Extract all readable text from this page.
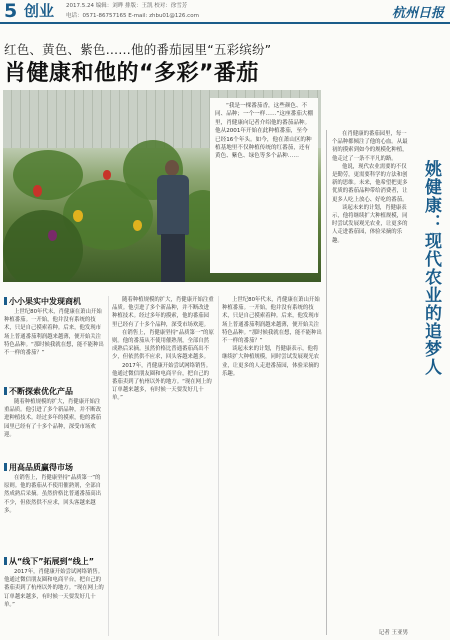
5 创业 2017.5.24 编辑：刘晔 排版：王凯 校对：徐雪芳
电话：0571-86757165 E-mail: zhbu01@126.com	杭州日报
红色、黄色、紫色……他的番茄园里“五彩缤纷”
肖健康和他的“多彩”番茄
“我是一棵番茄香，这些颜色、不同、品种；一个一样……”这座番茄大棚里，肖健康向记者介绍他的番茄品种。他从2001年开始在此种植番茄，至今已经16个年头。如今，他在萧山区的种植基地里不仅种植传统的红番茄，还有黄色、紫色、绿色等多个品种……
姚健康：现代农业的追梦人

在肖健康的番茄园里，每一个品种都倾注了他的心血。从最初的摸索到如今的规模化种植，他走过了一条不平凡的路。

他说，现代农业需要的不仅是勤劳，更需要科学的方法和创新的思维。未来，他希望把更多优质的番茄品种带给消费者，让更多人吃上放心、好吃的番茄。

谈起未来的计划，肖健康表示，他将继续扩大种植规模，同时尝试发展观光农业，让更多的人走进番茄园，体验采摘的乐趣。

小小果实中发现商机

上世纪80年代末，肖健康在萧山开始种植番茄。一开始，他并没有系统的技术，只是自己摸索着种。后来，他发现市场上普通番茄利润越来越薄，便开始关注特色品种。“那时候我就在想，能不能种出不一样的番茄？”

不断探索优化产品

随着种植规模的扩大，肖健康开始注重品质。他引进了多个新品种，并不断改进种植技术。经过多年的摸索，他的番茄园里已经有了十多个品种，深受市场欢迎。

用高品质赢得市场

在销售上，肖健康坚持“品质第一”的原则。他的番茄从不使用催熟剂，全部自然成熟后采摘。虽然价格比普通番茄高出不少，但依然供不应求，回头客越来越多。

从“线下”拓展到“线上”

2017年，肖健康开始尝试网络销售。他通过微信朋友圈和电商平台，把自己的番茄卖到了杭州以外的地方。“现在网上的订单越来越多，有时候一天要发好几十单。”

随着种植规模的扩大，肖健康开始注重品质。他引进了多个新品种，并不断改进种植技术。经过多年的摸索，他的番茄园里已经有了十多个品种，深受市场欢迎。

在销售上，肖健康坚持“品质第一”的原则。他的番茄从不使用催熟剂，全部自然成熟后采摘。虽然价格比普通番茄高出不少，但依然供不应求，回头客越来越多。

2017年，肖健康开始尝试网络销售。他通过微信朋友圈和电商平台，把自己的番茄卖到了杭州以外的地方。“现在网上的订单越来越多，有时候一天要发好几十单。”

上世纪80年代末，肖健康在萧山开始种植番茄。一开始，他并没有系统的技术，只是自己摸索着种。后来，他发现市场上普通番茄利润越来越薄，便开始关注特色品种。“那时候我就在想，能不能种出不一样的番茄？”

谈起未来的计划，肖健康表示，他将继续扩大种植规模，同时尝试发展观光农业，让更多的人走进番茄园，体验采摘的乐趣。

记者 王亚男
